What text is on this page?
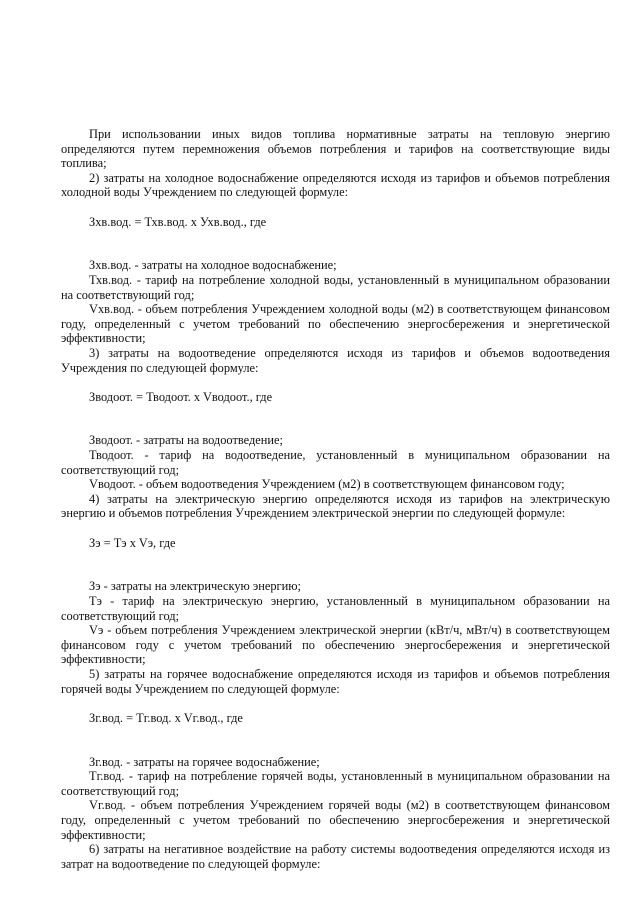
При использовании иных видов топлива нормативные затраты на тепловую энергию определяются путем перемножения объемов потребления и тарифов на соответствующие виды топлива;
2) затраты на холодное водоснабжение определяются исходя из тарифов и объемов потребления холодной воды Учреждением по следующей формуле:
Зхв.вод. = Тхв.вод. x Ухв.вод., где
Зхв.вод. - затраты на холодное водоснабжение;
Тхв.вод. - тариф на потребление холодной воды, установленный в муниципальном образовании на соответствующий год;
Vхв.вод. - объем потребления Учреждением холодной воды (м2) в соответствующем финансовом году, определенный с учетом требований по обеспечению энергосбережения и энергетической эффективности;
3) затраты на водоотведение определяются исходя из тарифов и объемов водоотведения Учреждения по следующей формуле:
Зводоот. = Тводоот. x Vводоот., где
Зводоот. - затраты на водоотведение;
Тводоот. - тариф на водоотведение, установленный в муниципальном образовании на соответствующий год;
Vводоот. - объем водоотведения Учреждением (м2) в соответствующем финансовом году;
4) затраты на электрическую энергию определяются исходя из тарифов на электрическую энергию и объемов потребления Учреждением электрической энергии по следующей формуле:
Зэ = Тэ x Vэ, где
Зэ - затраты на электрическую энергию;
Тэ - тариф на электрическую энергию, установленный в муниципальном образовании на соответствующий год;
Vэ - объем потребления Учреждением электрической энергии (кВт/ч, мВт/ч) в соответствующем финансовом году с учетом требований по обеспечению энергосбережения и энергетической эффективности;
5) затраты на горячее водоснабжение определяются исходя из тарифов и объемов потребления горячей воды Учреждением по следующей формуле:
Зг.вод. = Тг.вод. x Vг.вод., где
Зг.вод. - затраты на горячее водоснабжение;
Тг.вод. - тариф на потребление горячей воды, установленный в муниципальном образовании на соответствующий год;
Vг.вод. - объем потребления Учреждением горячей воды (м2) в соответствующем финансовом году, определенный с учетом требований по обеспечению энергосбережения и энергетической эффективности;
6) затраты на негативное воздействие на работу системы водоотведения определяются исходя из затрат на водоотведение по следующей формуле:
